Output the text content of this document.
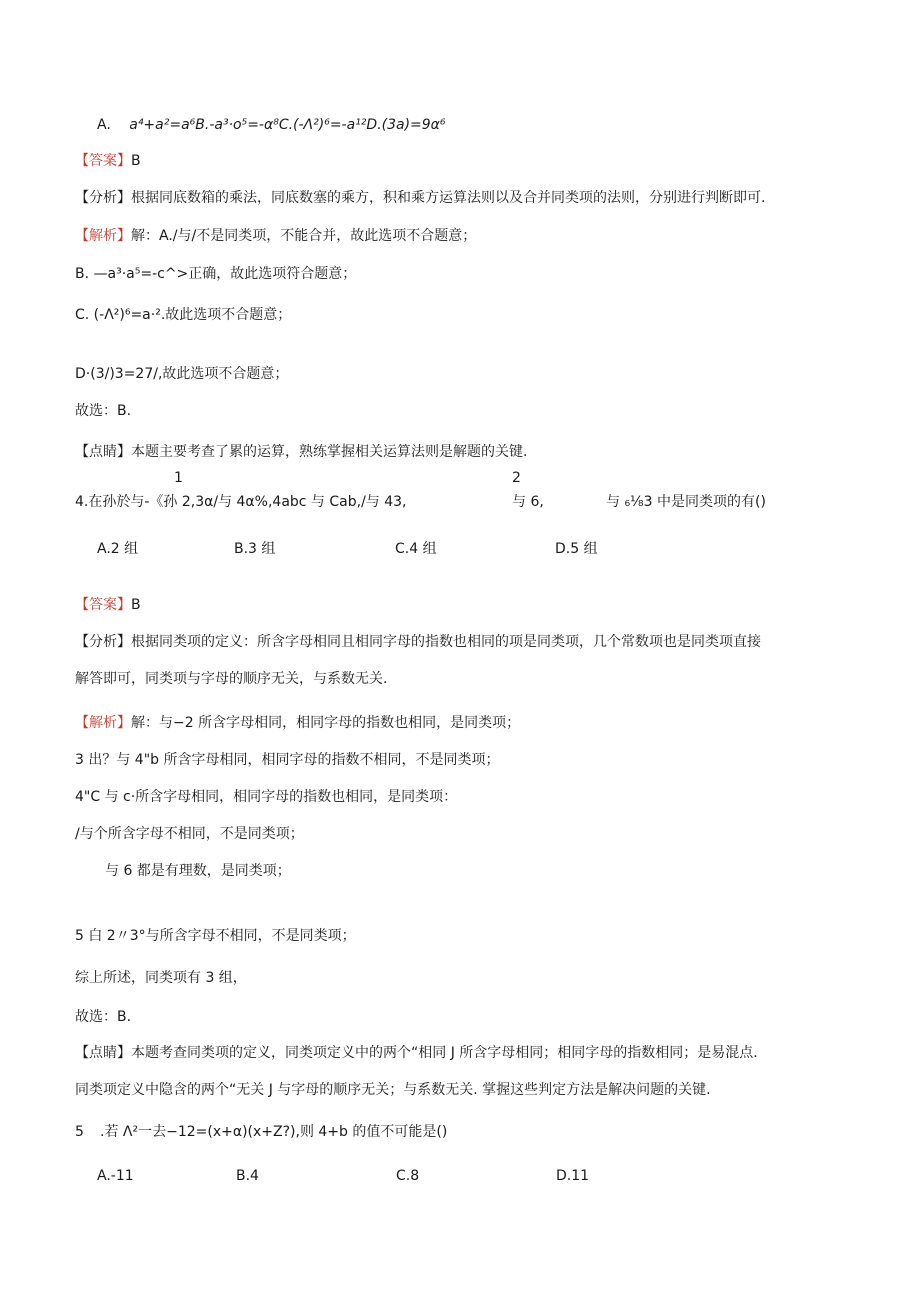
A. a⁴+a²=a⁶B.-a³·o⁵=-α⁸C.(-Λ²)⁶=-a¹²D.(3a)=9α⁶
【答案】B
【分析】根据同底数箱的乘法，同底数塞的乘方，积和乘方运算法则以及合并同类项的法则，分别进行判断即可.
【解析】解：A./与/不是同类项，不能合并，故此选项不合题意；
B. —a³·a⁵=-c^>正确，故此选项符合题意；
C. (-Λ²)⁶=a·².故此选项不合题意；
D·(3/)3=27/,故此选项不合题意；
故选：B.
【点睛】本题主要考查了累的运算，熟练掌握相关运算法则是解题的关键.
1	2
4.在孙於与-《孙 2,3α/与 4α%,4abc 与 Cab,/与 43,	与 6,	与 ₆⅛3 中是同类项的有()
A.2 组	B.3 组	C.4 组	D.5 组
【答案】B
【分析】根据同类项的定义：所含字母相同且相同字母的指数也相同的项是同类项，几个常数项也是同类项直接
解答即可，同类项与字母的顺序无关，与系数无关.
【解析】解：与−2 所含字母相同，相同字母的指数也相同，是同类项；
3 出？与 4"b 所含字母相同，相同字母的指数不相同，不是同类项；
4"C 与 c·所含字母相同，相同字母的指数也相同，是同类项：
/与个所含字母不相同，不是同类项；
与 6 都是有理数，是同类项；
5 白 2〃3°与所含字母不相同，不是同类项；
综上所述，同类项有 3 组，
故选：B.
【点睛】本题考查同类项的定义，同类项定义中的两个“相同 J 所含字母相同；相同字母的指数相同；是易混点.
同类项定义中隐含的两个“无关 J 与字母的顺序无关；与系数无关. 掌握这些判定方法是解决问题的关键.
5 .若 Λ²一去−12=(x+α)(x+Z?),则 4+b 的值不可能是()
A.-11	B.4	C.8	D.11
